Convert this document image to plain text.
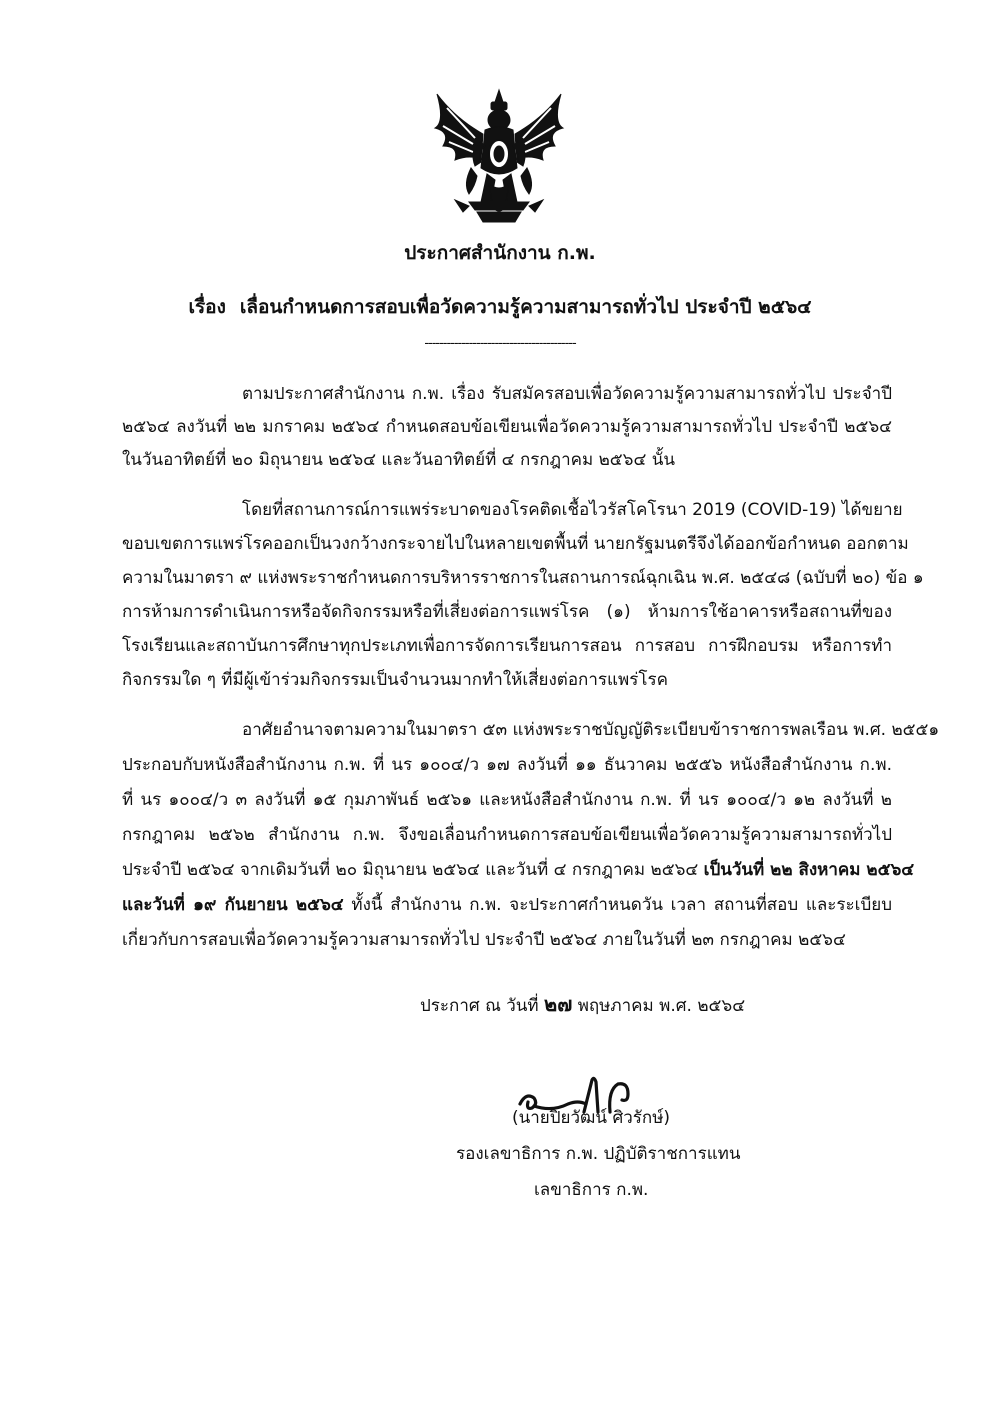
ประกาศสำนักงาน ก.พ.
เรื่อง เลื่อนกำหนดการสอบเพื่อวัดความรู้ความสามารถทั่วไป ประจำปี ๒๕๖๔
-----------------------------------------
ตามประกาศสำนักงาน ก.พ. เรื่อง รับสมัครสอบเพื่อวัดความรู้ความสามารถทั่วไป ประจำปี
๒๕๖๔ ลงวันที่ ๒๒ มกราคม ๒๕๖๔ กำหนดสอบข้อเขียนเพื่อวัดความรู้ความสามารถทั่วไป ประจำปี ๒๕๖๔
ในวันอาทิตย์ที่ ๒๐ มิถุนายน ๒๕๖๔ และวันอาทิตย์ที่ ๔ กรกฎาคม ๒๕๖๔ นั้น
โดยที่สถานการณ์การแพร่ระบาดของโรคติดเชื้อไวรัสโคโรนา 2019 (COVID-19) ได้ขยาย
ขอบเขตการแพร่โรคออกเป็นวงกว้างกระจายไปในหลายเขตพื้นที่ นายกรัฐมนตรีจึงได้ออกข้อกำหนด ออกตาม
ความในมาตรา ๙ แห่งพระราชกำหนดการบริหารราชการในสถานการณ์ฉุกเฉิน พ.ศ. ๒๕๔๘ (ฉบับที่ ๒๐) ข้อ ๑
การห้ามการดำเนินการหรือจัดกิจกรรมหรือที่เสี่ยงต่อการแพร่โรค (๑) ห้ามการใช้อาคารหรือสถานที่ของ
โรงเรียนและสถาบันการศึกษาทุกประเภทเพื่อการจัดการเรียนการสอน การสอบ การฝึกอบรม หรือการทำ
กิจกรรมใด ๆ ที่มีผู้เข้าร่วมกิจกรรมเป็นจำนวนมากทำให้เสี่ยงต่อการแพร่โรค
อาศัยอำนาจตามความในมาตรา ๕๓ แห่งพระราชบัญญัติระเบียบข้าราชการพลเรือน พ.ศ. ๒๕๕๑
ประกอบกับหนังสือสำนักงาน ก.พ. ที่ นร ๑๐๐๔/ว ๑๗ ลงวันที่ ๑๑ ธันวาคม ๒๕๕๖ หนังสือสำนักงาน ก.พ.
ที่ นร ๑๐๐๔/ว ๓ ลงวันที่ ๑๕ กุมภาพันธ์ ๒๕๖๑ และหนังสือสำนักงาน ก.พ. ที่ นร ๑๐๐๔/ว ๑๒ ลงวันที่ ๒
กรกฎาคม ๒๕๖๒ สำนักงาน ก.พ. จึงขอเลื่อนกำหนดการสอบข้อเขียนเพื่อวัดความรู้ความสามารถทั่วไป
ประจำปี ๒๕๖๔ จากเดิมวันที่ ๒๐ มิถุนายน ๒๕๖๔ และวันที่ ๔ กรกฎาคม ๒๕๖๔ เป็นวันที่ ๒๒ สิงหาคม ๒๕๖๔
และวันที่ ๑๙ กันยายน ๒๕๖๔ ทั้งนี้ สำนักงาน ก.พ. จะประกาศกำหนดวัน เวลา สถานที่สอบ และระเบียบ
เกี่ยวกับการสอบเพื่อวัดความรู้ความสามารถทั่วไป ประจำปี ๒๕๖๔ ภายในวันที่ ๒๓ กรกฎาคม ๒๕๖๔
ประกาศ ณ วันที่ ๒๗ พฤษภาคม พ.ศ. ๒๕๖๔
(นายปิยวัฒน์ ศิวรักษ์)
รองเลขาธิการ ก.พ. ปฏิบัติราชการแทน
เลขาธิการ ก.พ.
